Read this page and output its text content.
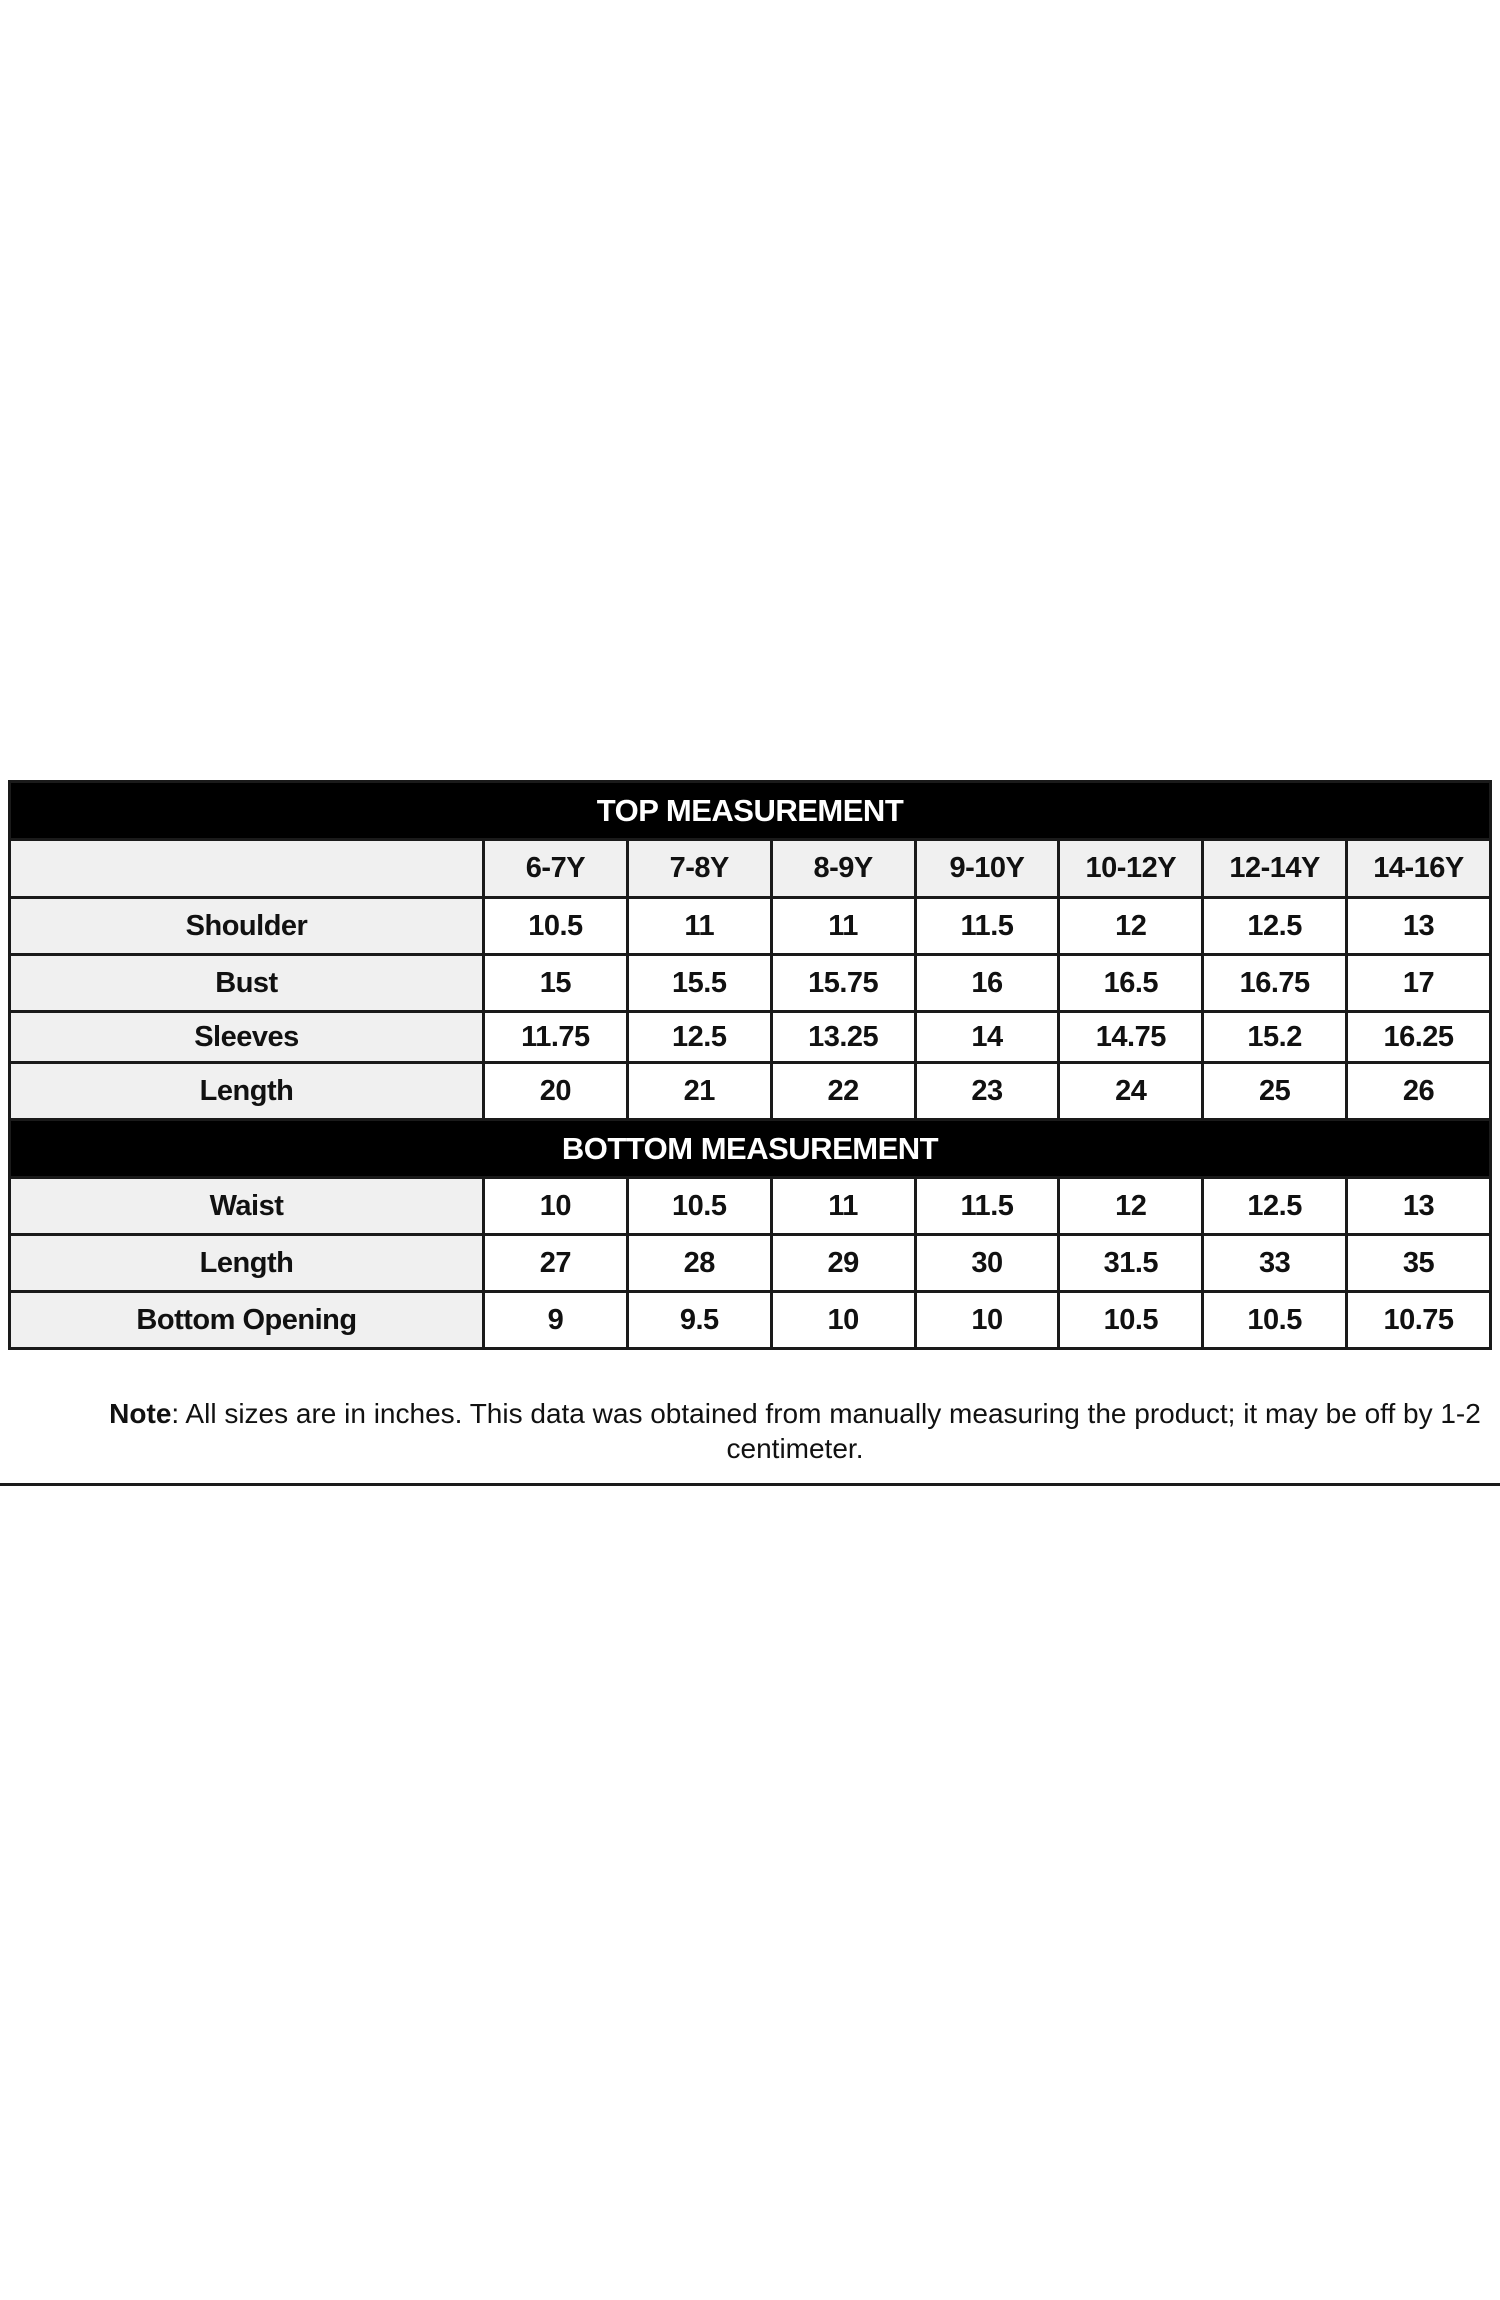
TOP MEASUREMENT							
	6-7Y	7-8Y	8-9Y	9-10Y	10-12Y	12-14Y	14-16Y
Shoulder	10.5	11	11	11.5	12	12.5	13
Bust	15	15.5	15.75	16	16.5	16.75	17
Sleeves	11.75	12.5	13.25	14	14.75	15.2	16.25
Length	20	21	22	23	24	25	26
BOTTOM MEASUREMENT							
Waist	10	10.5	11	11.5	12	12.5	13
Length	27	28	29	30	31.5	33	35
Bottom Opening	9	9.5	10	10	10.5	10.5	10.75
Note: All sizes are in inches. This data was obtained from manually measuring the product; it may be off by 1-2 centimeter.
